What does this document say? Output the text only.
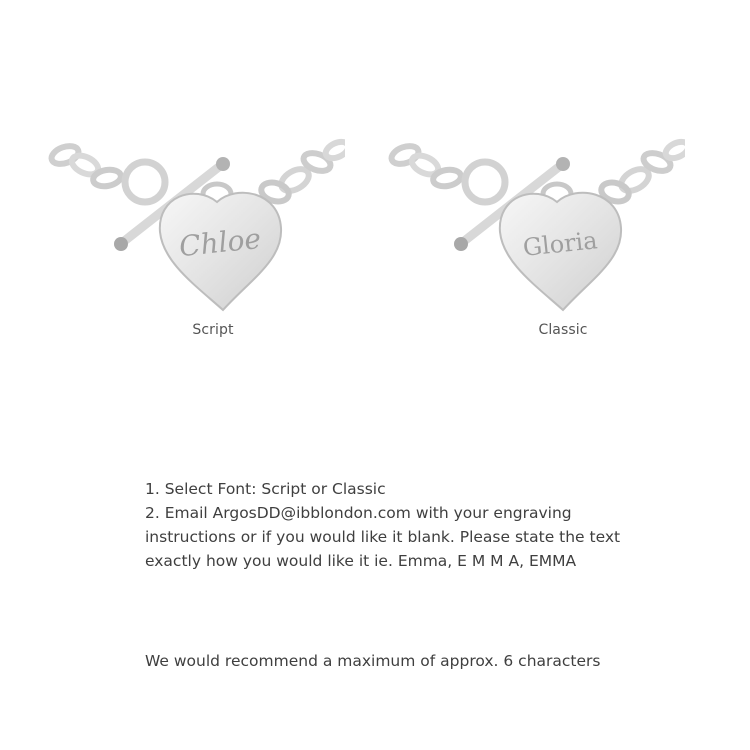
Chloe
Script
Gloria
Classic
1. Select Font: Script or Classic
2. Email ArgosDD@ibblondon.com with your engraving
instructions or if you would like it blank. Please state the text
exactly how you would like it ie. Emma, E M M A, EMMA
We would recommend a maximum of approx. 6 characters
